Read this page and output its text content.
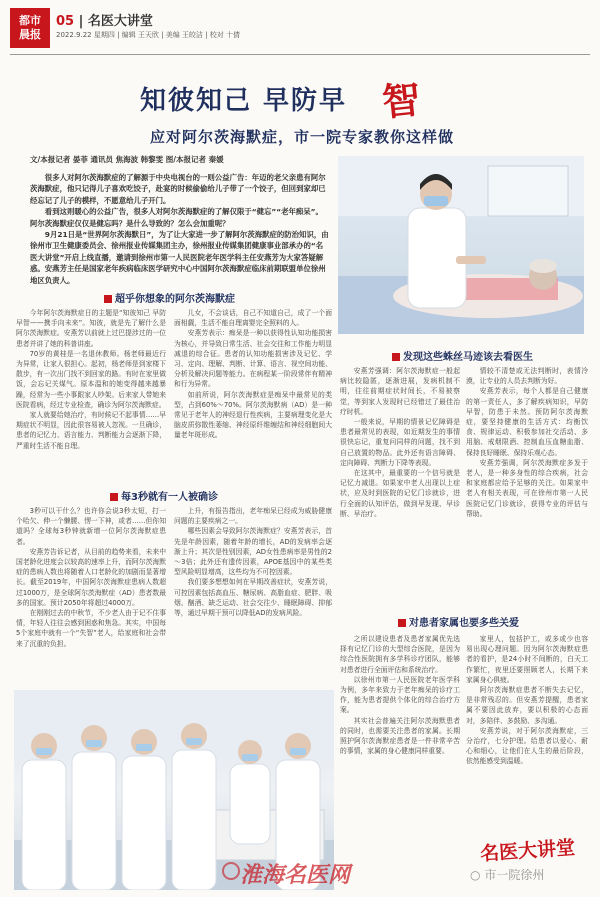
都市
晨报
05 | 名医大讲堂
2022.9.22 星期四 | 编辑 王天欣 | 美编 王皎洁 | 校对 十倩
知彼知己 早防早 智
应对阿尔茨海默症，市一院专家教你这样做
文/本报记者 晏菲 通讯员 焦海波 韩黎雯 图/本报记者 秦媛

很多人对阿尔茨海默症的了解源于中央电视台的一则公益广告：年迈的老父亲患有阿尔茨海默症，他只记得儿子喜欢吃饺子，赴宴的时候偷偷给儿子带了一个饺子，但回到家却已经忘记了儿子的模样，不愿意给儿子开门。

看到这则暖心的公益广告，很多人对阿尔茨海默症的了解仅限于“健忘”“老年痴呆”。阿尔茨海默症仅仅是健忘吗？是什么导致的？怎么会加重呢？

9月21日是“世界阿尔茨海默日”，为了让大家进一步了解阿尔茨海默症的防治知识，由徐州市卫生健康委员会、徐州报业传媒集团主办，徐州报业传媒集团健康事业部承办的“名医大讲堂”开启上线直播，邀请到徐州市第一人民医院老年医学科主任安燕芳为大家答疑解惑。安燕芳主任是国家老年疾病临床医学研究中心中国阿尔茨海默症临床前期联盟单位徐州地区负责人。

超乎你想象的阿尔茨海默症

今年阿尔茨海默症日的主题是“知彼知己 早防早智——携手向未来”。知彼，就是先了解什么是阿尔茨海默症。安燕芳以前就上过巴提涉过的一位患者并讲了她的科普讲座。

70岁的黄桂是一名退休教师。杨老师最近行为异常，让家人很担心。起初，杨老师是到家楼下散步，有一次出门找不到回家的路。有时在家里做饭，会忘记关煤气。原本温和的她变得越来越暴躁，经常为一些小事跟家人吵架。后来家人带她来医院看病，经过专业检查，确诊为阿尔茨海默症。

家人就要给她治疗，有时候记不起事情……早期症状不明显，因此很容易被人忽视。一旦确诊，患者的记忆力、语言能力、判断能力会逐渐下降，严重时生活不能自理。

儿女，不会谈话，自己不知道自己，成了一个面面相觑，生活不能自理离婴完全照料的人。

安燕芳表示：痴呆是一种以获得性认知功能损害为核心，并导致日常生活、社会交往和工作能力明显减退的综合征。患者的认知功能损害涉及记忆、学习、定向、理解、判断、计算、语言、视空间功能、分析及解决问题等能力。在病程某一阶段常伴有精神和行为异常。

如前所说，阿尔茨海默症是痴呆中最常见的类型，占到60%～70%。阿尔茨海默病（AD）是一种常见于老年人的神经退行性疾病，主要病理变化是大脑皮质弥散性萎缩、神经原纤维缠结和神经细胞间大量老年斑形成。

每3秒就有一人被确诊

3秒可以干什么？也许你会说3秒太短，打一个哈欠、伸一个懒腰、愣一下神，或者……但你知道吗？全球每3秒钟就新增一位阿尔茨海默症患者。

安燕芳告诉记者，从目前的趋势来看，未来中国老龄化进度会以较高的速率上升，而阿尔茨海默症的患病人数也将随着人口老龄化的加剧而显著增长。截至2019年，中国阿尔茨海默症患病人数超过1000万，是全球阿尔茨海默症（AD）患者数最多的国家。预计2050年将超过4000万。

在刚刚过去的中秋节，不少老人由于记不住事情，年轻人往往会感到困惑和焦急。其实，中国每5个家庭中就有一个“失智”老人，给家庭和社会带来了沉重的负担。

上升，有报告指出，老年痴呆已经成为威胁健康问题的主要疾病之一。

哪些因素会导致阿尔茨海默症？安燕芳表示，首先是年龄因素，随着年龄的增长，AD的发病率会逐渐上升；其次是性别因素，AD女性患病率是男性的2～3倍；此外还有遗传因素，APOE基因中的某些类型风险明显增高，这些均为不可控因素。

我们要多想想如何在早期改善症状，安燕芳说，可控因素包括高血压、糖尿病、高脂血症、肥胖、吸烟、酗酒、缺乏运动、社会交往少、睡眠障碍、抑郁等，通过早期干预可以降低AD的发病风险。

发现这些蛛丝马迹该去看医生

安燕芳强调：阿尔茨海默症一般起病比较隐匿，逐渐进展，发病机制不明，往往前期症状时间长，不易被察觉，等到家人发现时已经错过了最佳治疗时机。

一般来说，早期的情景记忆障碍是患者最常见的表现，如近期发生的事情很快忘记，重复问同样的问题，找不到自己放置的物品。此外还有语言障碍、定向障碍、判断力下降等表现。

在这其中，最重要的一个信号就是记忆力减退。如果家中老人出现以上症状，应及时到医院的记忆门诊就诊，进行全面的认知评估，做到早发现、早诊断、早治疗。

情较不清楚或无法判断时，表情冷漠，让专业的人员去判断为好。

安燕芳表示，每个人都是自己健康的第一责任人，多了解疾病知识，早防早智，防患于未然。预防阿尔茨海默症，要坚持健康的生活方式：均衡饮食、规律运动、积极参加社交活动、多用脑、戒烟限酒、控制血压血糖血脂、保持良好睡眠、保持乐观心态。

安燕芳强调，阿尔茨海默症多发于老人，是一种多身性的综合疾病，社会和家庭都应给予足够的关注。如果家中老人有相关表现，可在徐州市第一人民医院记忆门诊就诊，获得专业的评估与帮助。

对患者家属也要多些关爱

之所以建设患者及患者家属优先选择有记忆门诊的大型综合医院，是因为综合性医院拥有多学科诊疗团队，能够对患者进行全面评估和系统治疗。

以徐州市第一人民医院老年医学科为例，多年来致力于老年痴呆的诊疗工作，能为患者提供个体化的综合治疗方案。

其实社会普遍关注阿尔茨海默患者的同时，也需要关注患者的家属。长期照护阿尔茨海默症患者是一件非常辛苦的事情，家属的身心健康同样重要。

家里人，包括护工，或多或少也容易出现心理问题。因为阿尔茨海默症患者的看护，是24小时不间断的，白天工作繁忙，夜里还要照顾老人，长期下来家属身心俱疲。

阿尔茨海默症患者不断失去记忆，是非常残忍的。但安燕芳提醒，患者家属不要因此放弃，要以积极的心态面对，多陪伴、多鼓励、多沟通。

安燕芳说，对于阿尔茨海默症，三分治疗，七分护理。给患者以爱心、耐心和细心，让他们在人生的最后阶段，依然能感受到温暖。

名医大讲堂
淮海名医网	○ 市一院徐州
